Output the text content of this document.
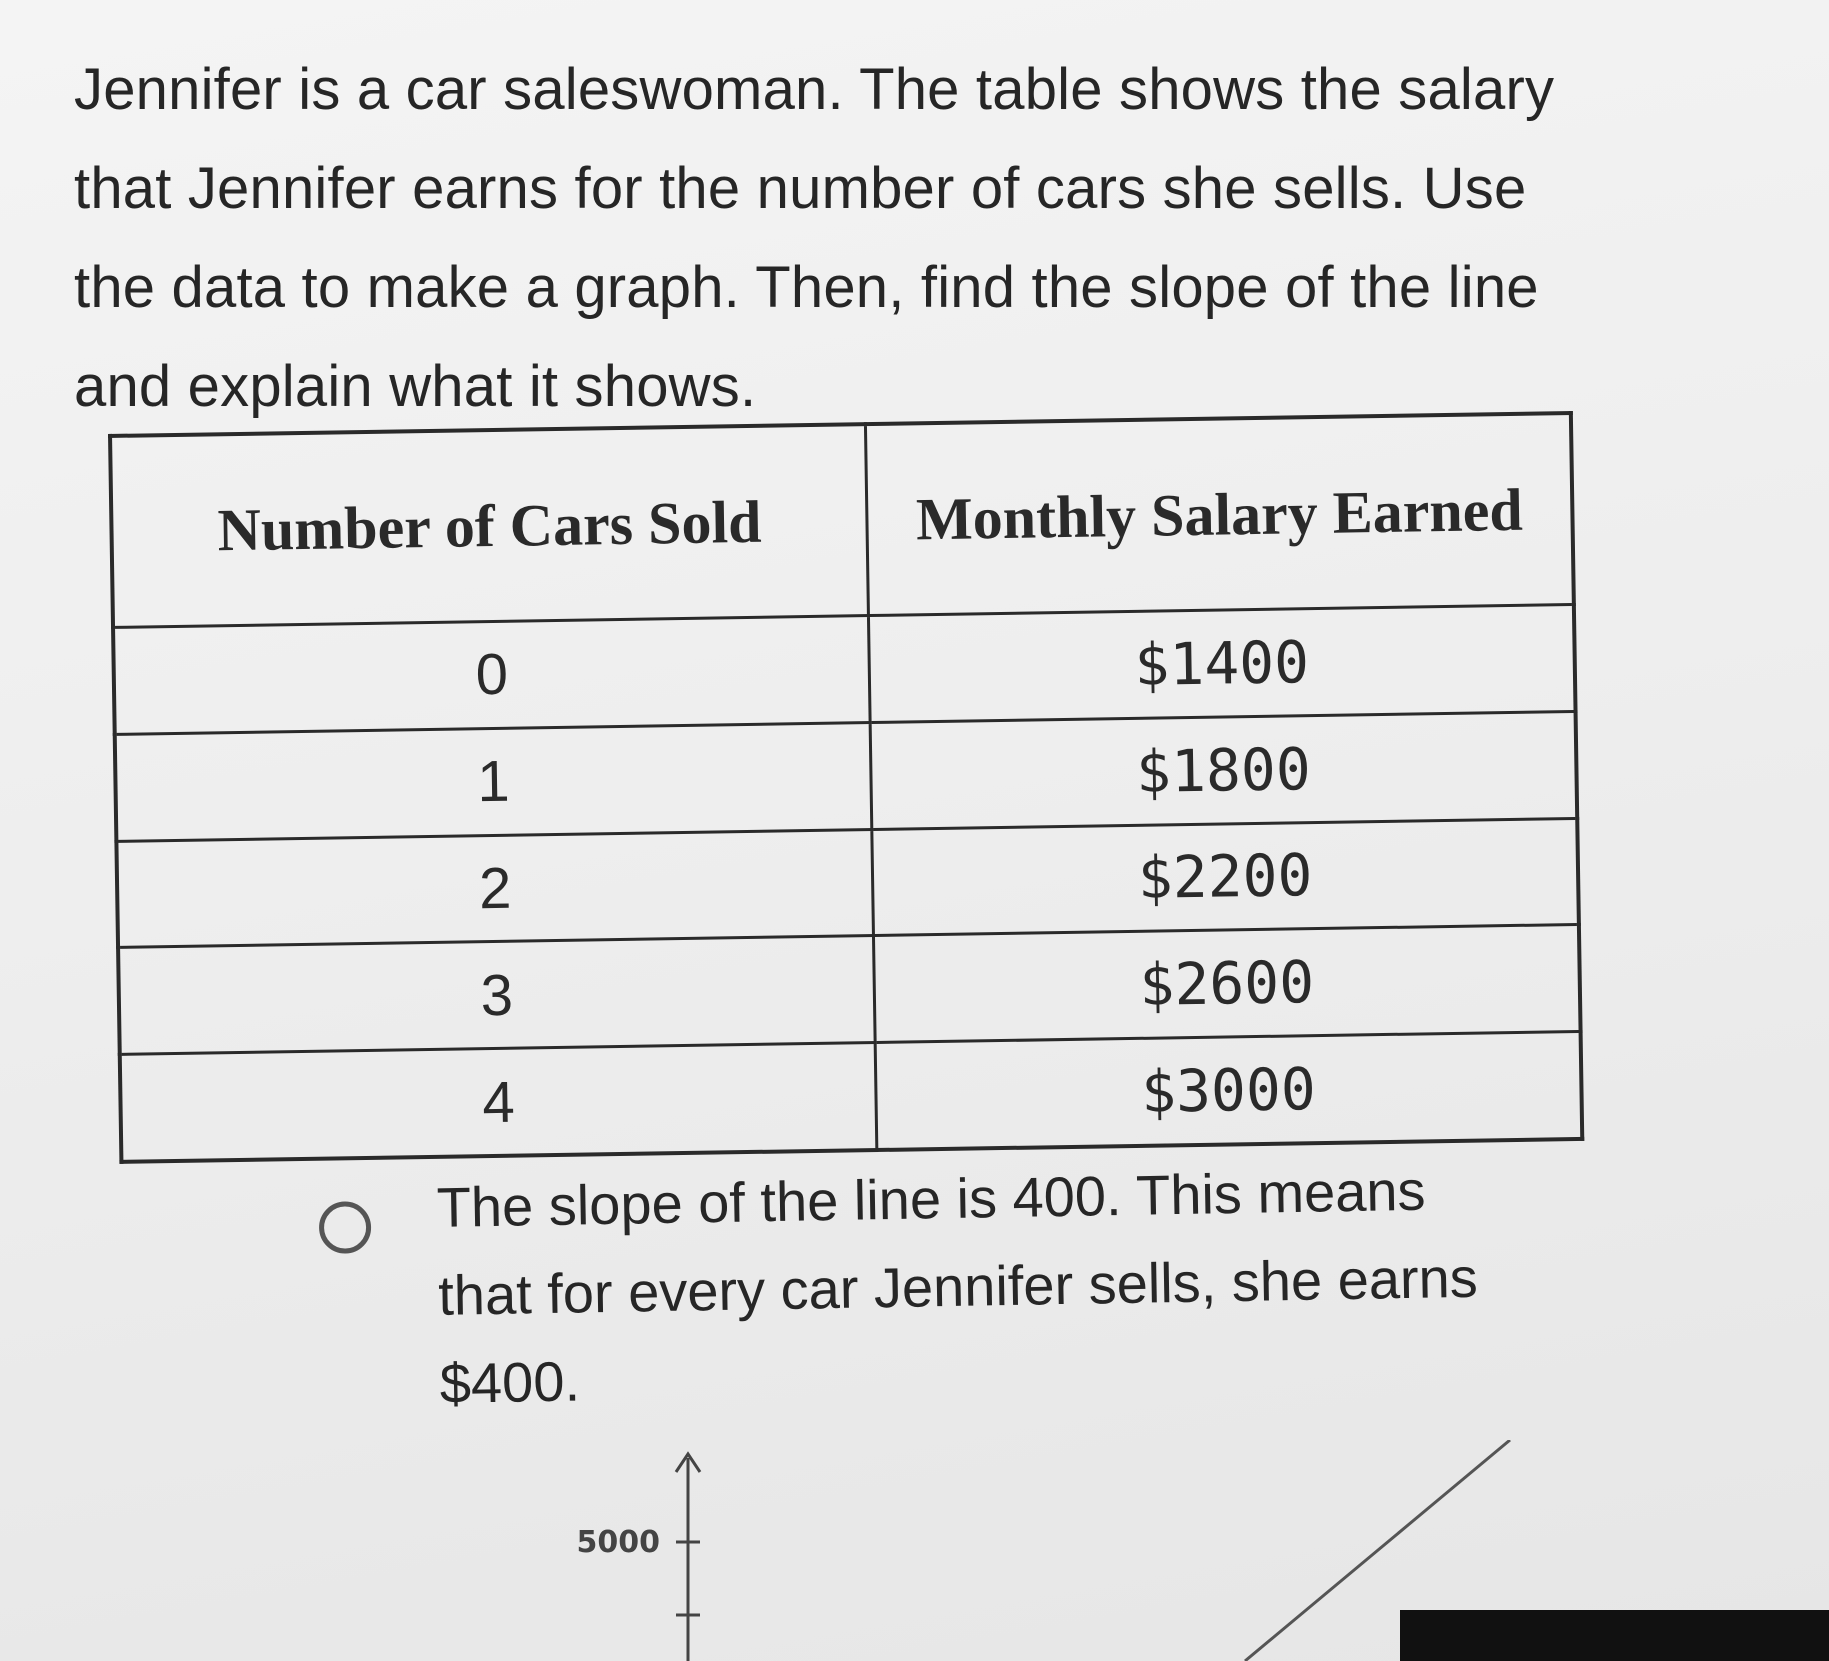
Jennifer is a car saleswoman. The table shows the salary
that Jennifer earns for the number of cars she sells. Use
the data to make a graph. Then, find the slope of the line
and explain what it shows.
Number of Cars Sold	Monthly Salary Earned
0	$1400
1	$1800
2	$2200
3	$2600
4	$3000
The slope of the line is 400. This means
that for every car Jennifer sells, she earns
$400.
5000
